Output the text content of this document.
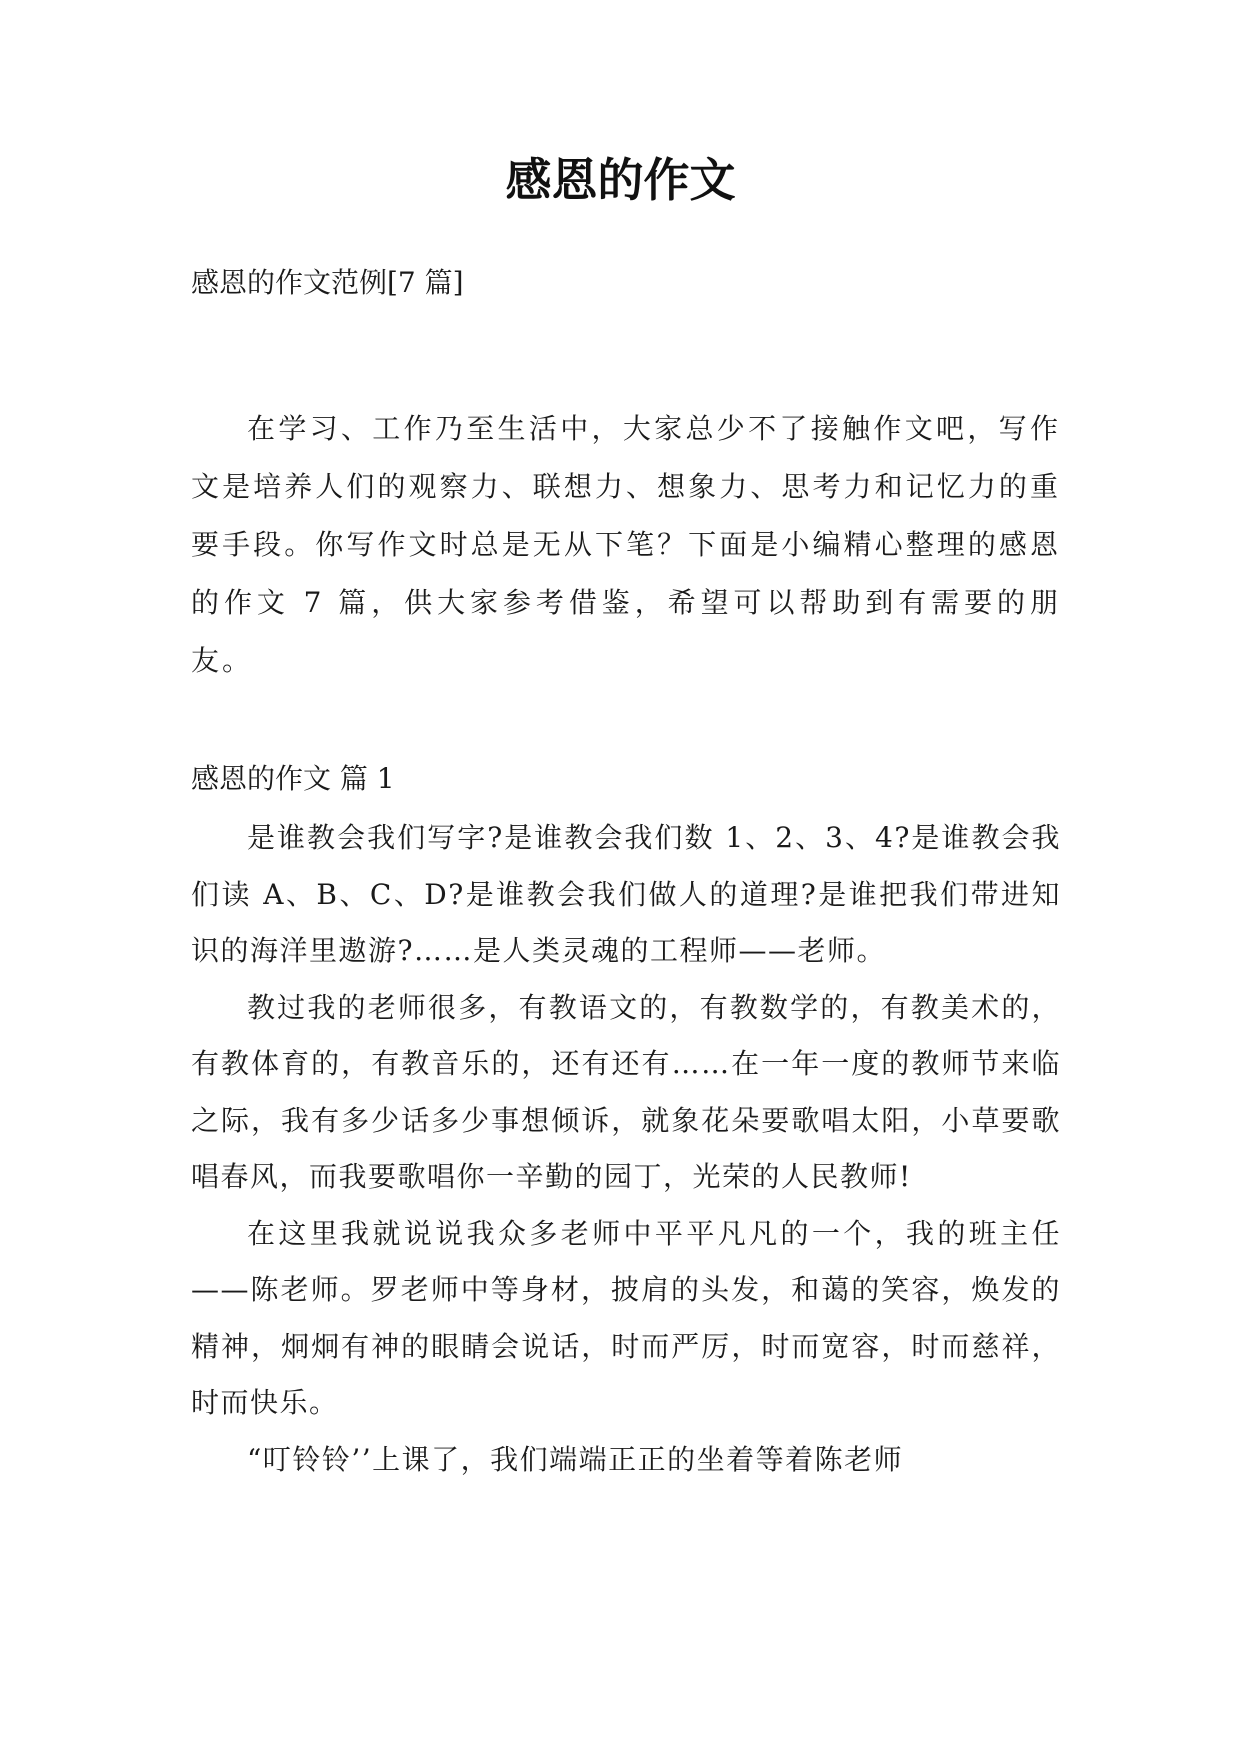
感恩的作文

感恩的作文范例[7 篇]

在学习、工作乃至生活中，大家总少不了接触作文吧，写作文是培养人们的观察力、联想力、想象力、思考力和记忆力的重要手段。你写作文时总是无从下笔？下面是小编精心整理的感恩的作文 7 篇，供大家参考借鉴，希望可以帮助到有需要的朋友。

感恩的作文 篇 1

是谁教会我们写字?是谁教会我们数 1、2、3、4?是谁教会我们读 A、B、C、D?是谁教会我们做人的道理?是谁把我们带进知识的海洋里遨游?……是人类灵魂的工程师——老师。

教过我的老师很多，有教语文的，有教数学的，有教美术的，有教体育的，有教音乐的，还有还有……在一年一度的教师节来临之际，我有多少话多少事想倾诉，就象花朵要歌唱太阳，小草要歌唱春风，而我要歌唱你一辛勤的园丁，光荣的人民教师!

在这里我就说说我众多老师中平平凡凡的一个，我的班主任——陈老师。罗老师中等身材，披肩的头发，和蔼的笑容，焕发的精神，炯炯有神的眼睛会说话，时而严厉，时而宽容，时而慈祥，时而快乐。

“叮铃铃’’上课了，我们端端正正的坐着等着陈老师
